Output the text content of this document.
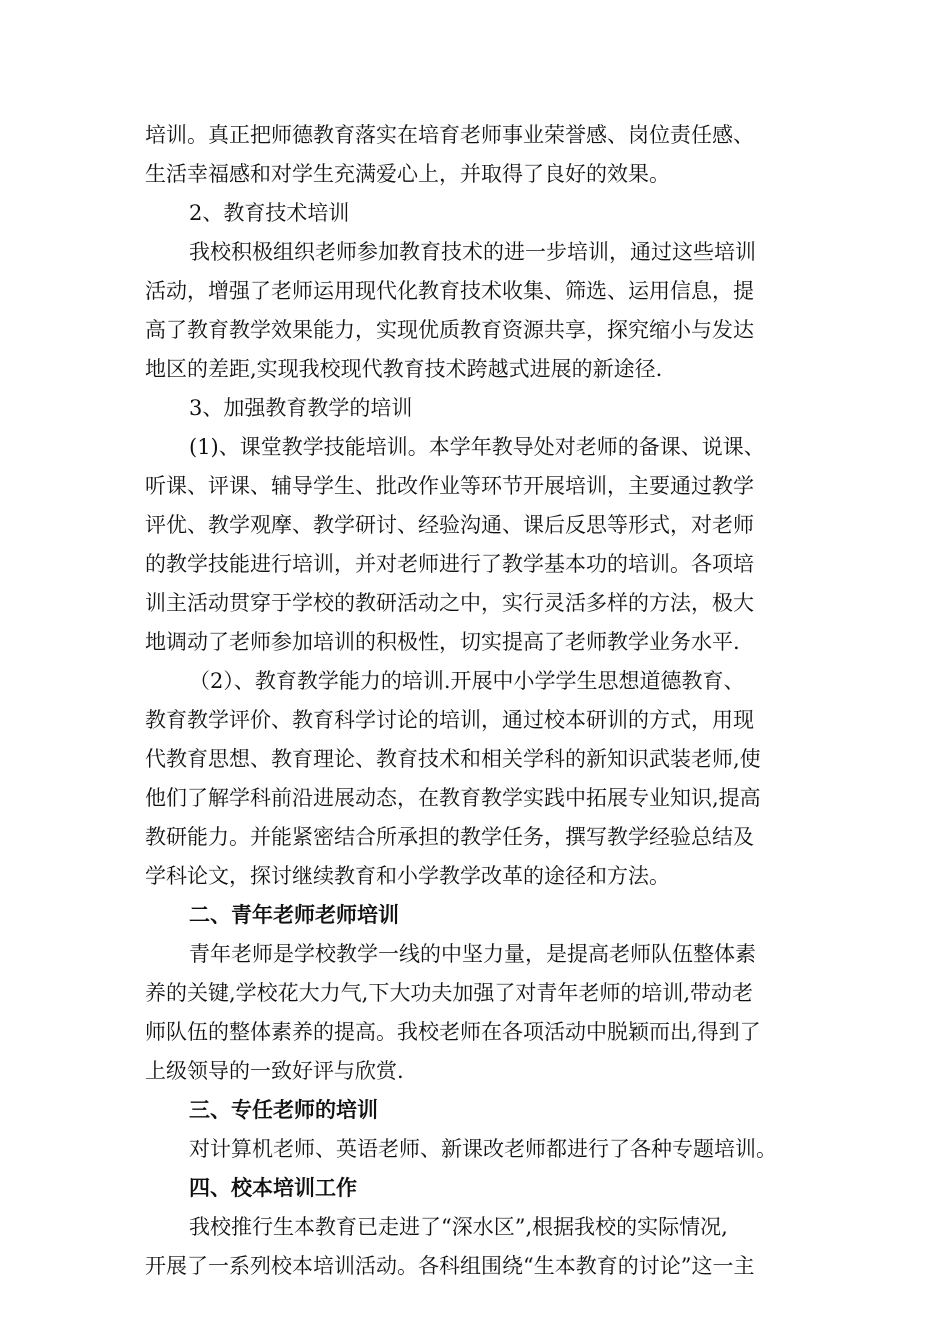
培训。真正把师德教育落实在培育老师事业荣誉感、岗位责任感、
生活幸福感和对学生充满爱心上，并取得了良好的效果。
2、教育技术培训
我校积极组织老师参加教育技术的进一步培训，通过这些培训
活动，增强了老师运用现代化教育技术收集、筛选、运用信息，提
高了教育教学效果能力，实现优质教育资源共享，探究缩小与发达
地区的差距,实现我校现代教育技术跨越式进展的新途径.
3、加强教育教学的培训
(1)、课堂教学技能培训。本学年教导处对老师的备课、说课、
听课、评课、辅导学生、批改作业等环节开展培训，主要通过教学
评优、教学观摩、教学研讨、经验沟通、课后反思等形式，对老师
的教学技能进行培训，并对老师进行了教学基本功的培训。各项培
训主活动贯穿于学校的教研活动之中，实行灵活多样的方法，极大
地调动了老师参加培训的积极性，切实提高了老师教学业务水平.
（2）、教育教学能力的培训.开展中小学学生思想道德教育、
教育教学评价、教育科学讨论的培训，通过校本研训的方式，用现
代教育思想、教育理论、教育技术和相关学科的新知识武装老师,使
他们了解学科前沿进展动态，在教育教学实践中拓展专业知识,提高
教研能力。并能紧密结合所承担的教学任务，撰写教学经验总结及
学科论文，探讨继续教育和小学教学改革的途径和方法。
二、青年老师老师培训
青年老师是学校教学一线的中坚力量，是提高老师队伍整体素
养的关键,学校花大力气,下大功夫加强了对青年老师的培训,带动老
师队伍的整体素养的提高。我校老师在各项活动中脱颖而出,得到了
上级领导的一致好评与欣赏.
三、专任老师的培训
对计算机老师、英语老师、新课改老师都进行了各种专题培训。
四、校本培训工作
我校推行生本教育已走进了“深水区”,根据我校的实际情况,
开展了一系列校本培训活动。各科组围绕“生本教育的讨论”这一主
